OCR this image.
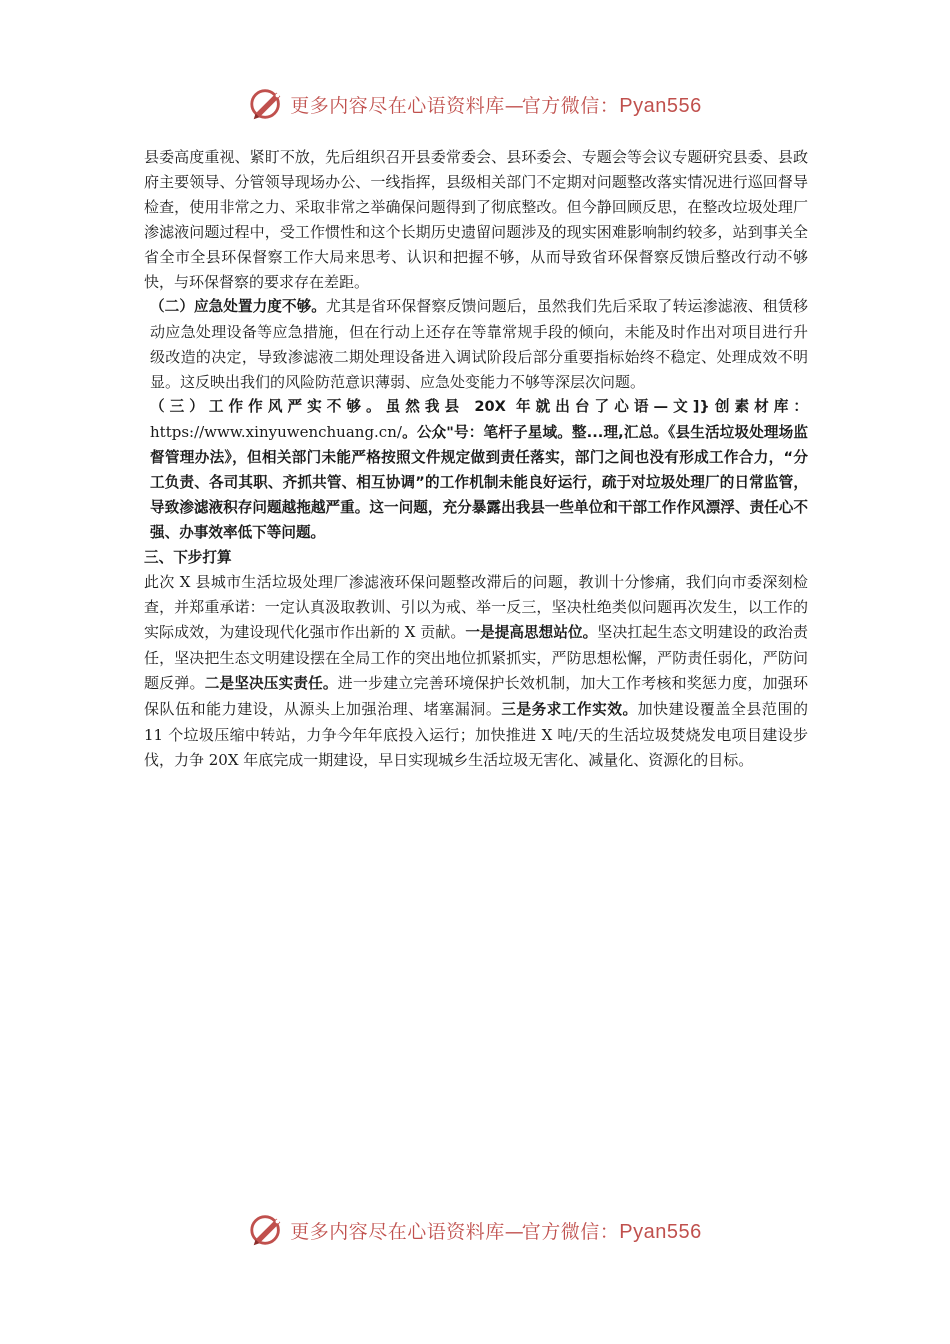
更多内容尽在心语资料库—官方微信：Pyan556

县委高度重视、紧盯不放，先后组织召开县委常委会、县环委会、专题会等会议专题研究县委、县政府主要领导、分管领导现场办公、一线指挥，县级相关部门不定期对问题整改落实情况进行巡回督导检查，使用非常之力、采取非常之举确保问题得到了彻底整改。但今静回顾反思，在整改垃圾处理厂渗滤液问题过程中，受工作惯性和这个长期历史遗留问题涉及的现实困难影响制约较多，站到事关全省全市全县环保督察工作大局来思考、认识和把握不够，从而导致省环保督察反馈后整改行动不够快，与环保督察的要求存在差距。

（二）应急处置力度不够。尤其是省环保督察反馈问题后，虽然我们先后采取了转运渗滤液、租赁移动应急处理设备等应急措施，但在行动上还存在等靠常规手段的倾向，未能及时作出对项目进行升级改造的决定，导致渗滤液二期处理设备进入调试阶段后部分重要指标始终不稳定、处理成效不明显。这反映出我们的风险防范意识薄弱、应急处变能力不够等深层次问题。

（三）工作作风严实不够。虽然我县 20X 年就出台了心语—文]}创素材库：https://www.xinyuwenchuang.cn/。公众"号：笔杆子星域。整...理,汇总。《县生活垃圾处理场监督管理办法》，但相关部门未能严格按照文件规定做到责任落实，部门之间也没有形成工作合力，“分工负责、各司其职、齐抓共管、相互协调”的工作机制未能良好运行，疏于对垃圾处理厂的日常监管，导致渗滤液积存问题越拖越严重。这一问题，充分暴露出我县一些单位和干部工作作风漂浮、责任心不强、办事效率低下等问题。

三、下步打算

此次 X 县城市生活垃圾处理厂渗滤液环保问题整改滞后的问题，教训十分惨痛，我们向市委深刻检查，并郑重承诺：一定认真汲取教训、引以为戒、举一反三，坚决杜绝类似问题再次发生，以工作的实际成效，为建设现代化强市作出新的 X 贡献。一是提高思想站位。坚决扛起生态文明建设的政治责任，坚决把生态文明建设摆在全局工作的突出地位抓紧抓实，严防思想松懈，严防责任弱化，严防问题反弹。二是坚决压实责任。进一步建立完善环境保护长效机制，加大工作考核和奖惩力度，加强环保队伍和能力建设，从源头上加强治理、堵塞漏洞。三是务求工作实效。加快建设覆盖全县范围的 11 个垃圾压缩中转站，力争今年年底投入运行；加快推进 X 吨/天的生活垃圾焚烧发电项目建设步伐，力争 20X 年底完成一期建设，早日实现城乡生活垃圾无害化、减量化、资源化的目标。

更多内容尽在心语资料库—官方微信：Pyan556
